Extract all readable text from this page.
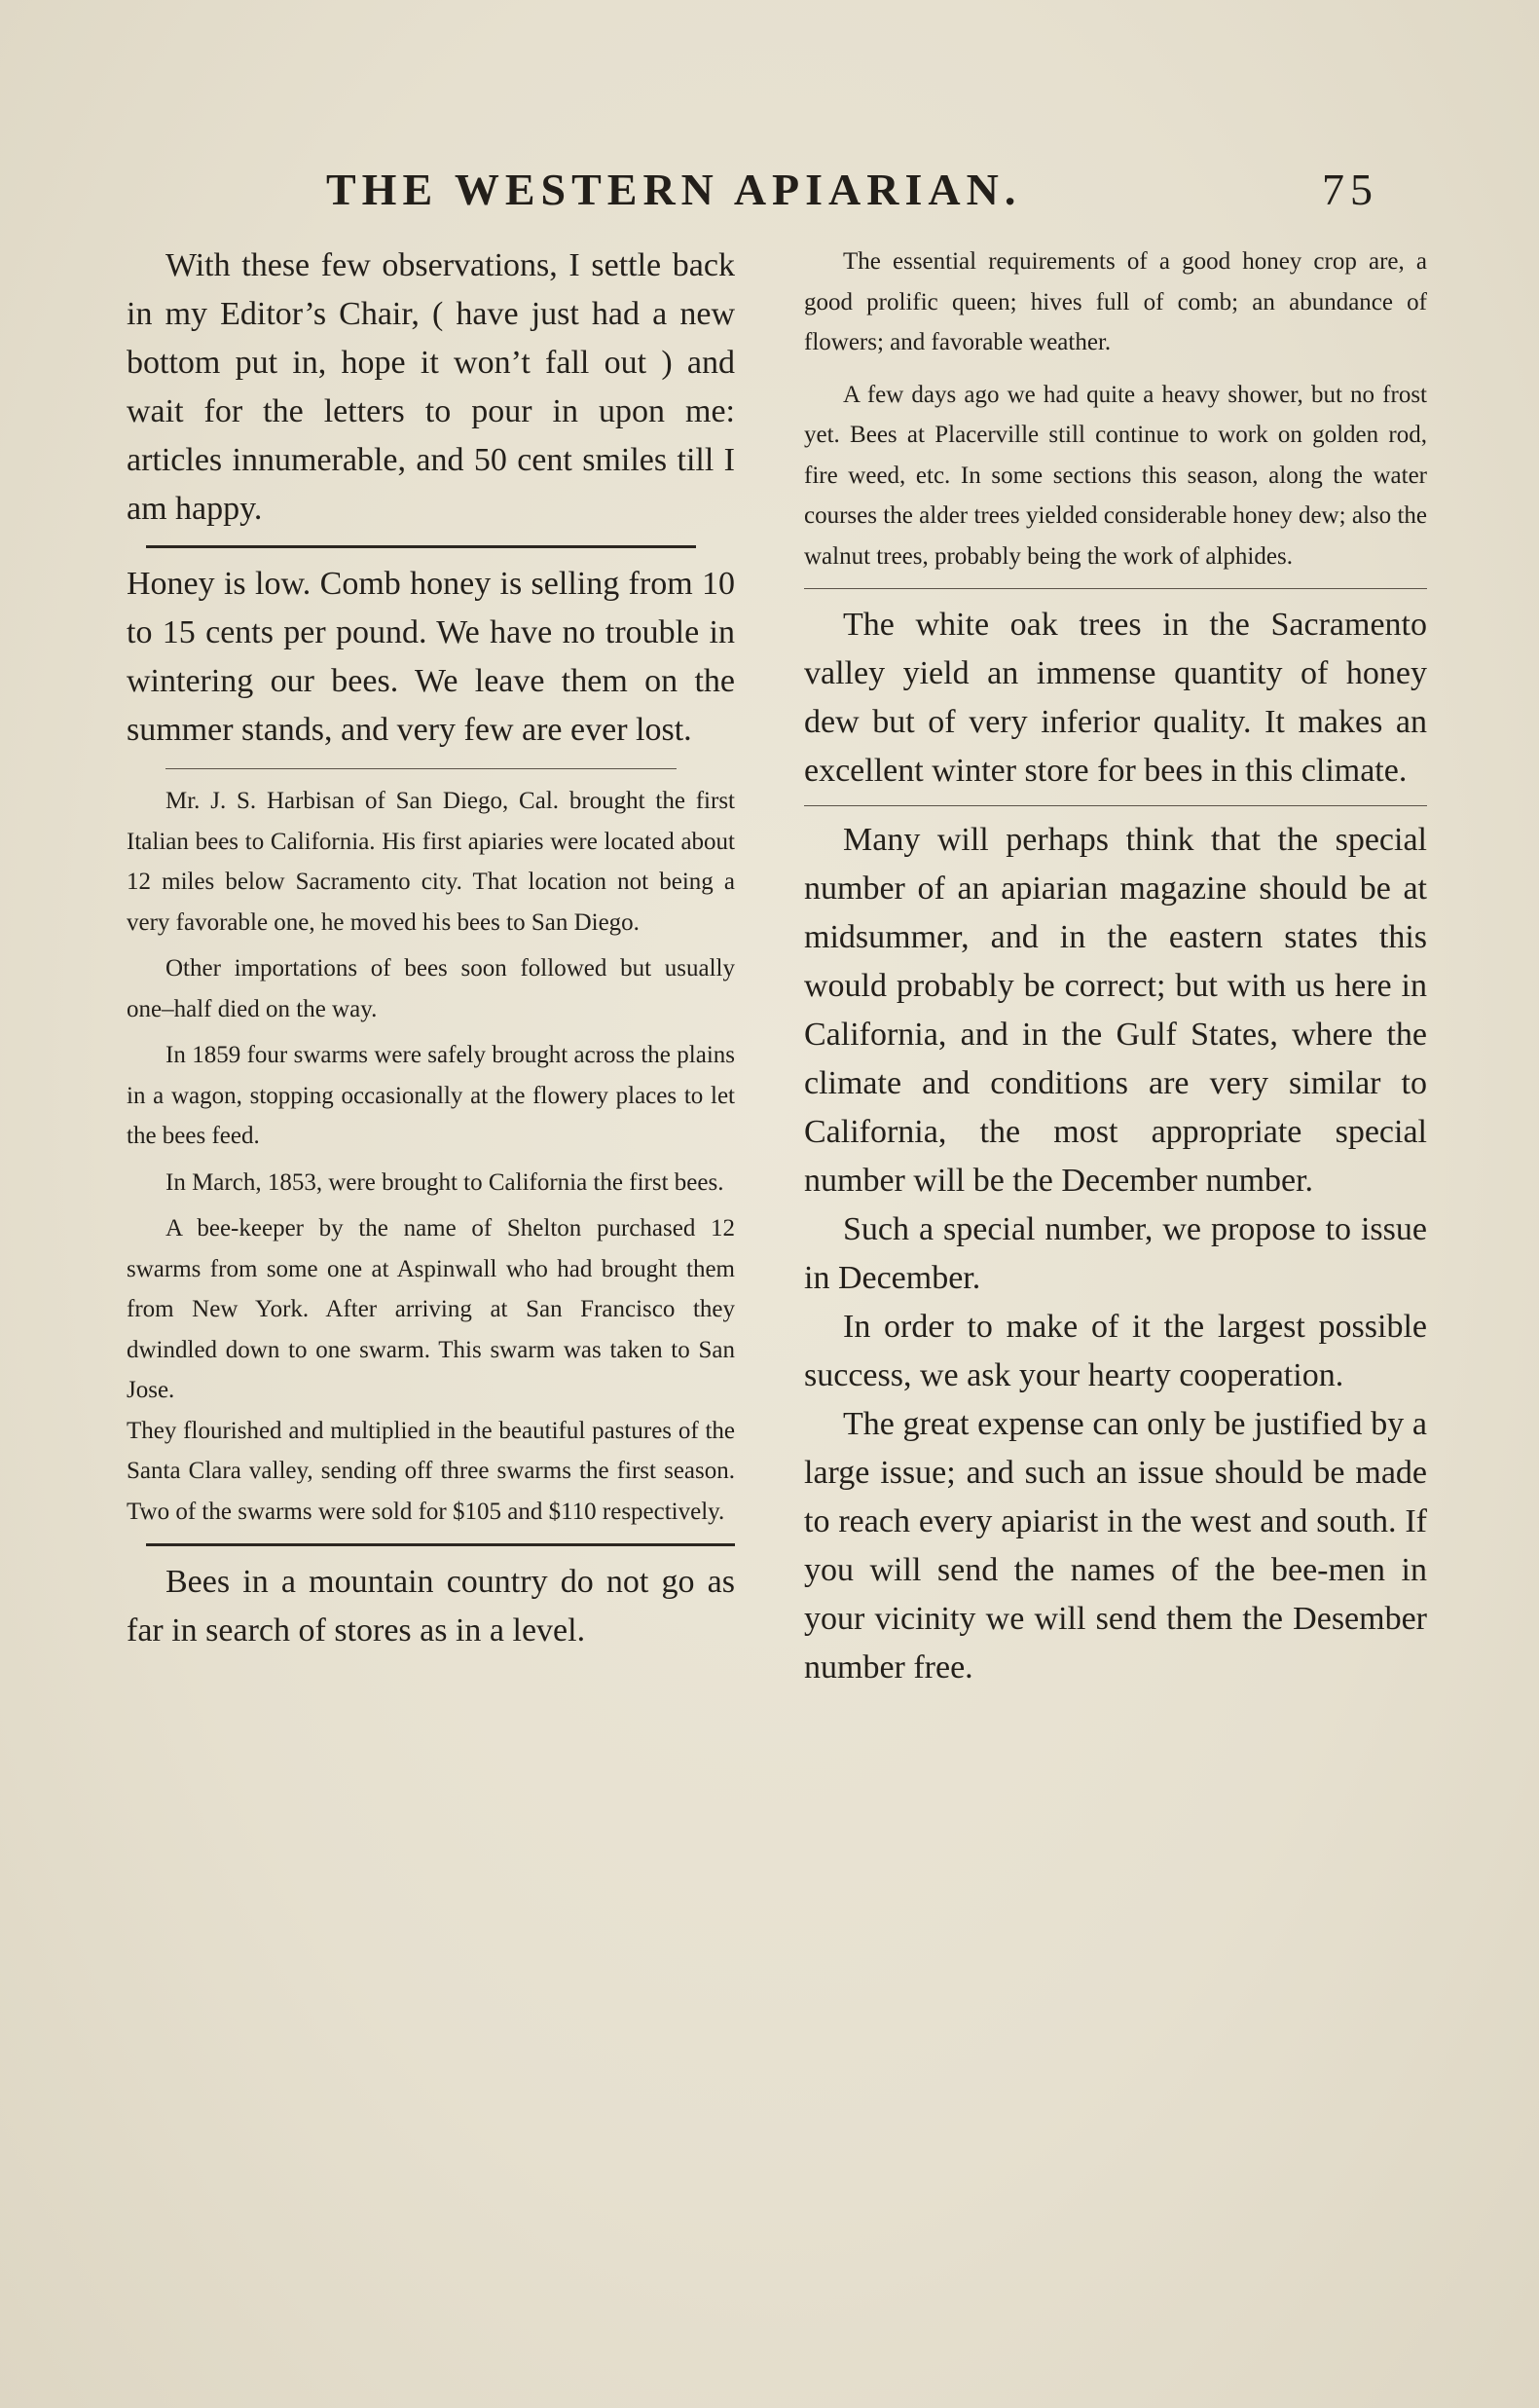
THE WESTERN APIARIAN.	75

With these few observations, I settle back in my Editor’s Chair, ( have just had a new bottom put in, hope it won’t fall out ) and wait for the letters to pour in upon me: articles innumerable, and 50 cent smiles till I am happy.

Honey is low. Comb honey is selling from 10 to 15 cents per pound. We have no trouble in wintering our bees. We leave them on the summer stands, and very few are ever lost.

Mr. J. S. Harbisan of San Diego, Cal. brought the first Italian bees to California. His first apiaries were located about 12 miles below Sacramento city. That location not being a very favorable one, he moved his bees to San Diego.

Other importations of bees soon followed but usually one–half died on the way.

In 1859 four swarms were safely brought across the plains in a wagon, stopping occasionally at the flowery places to let the bees feed.

In March, 1853, were brought to California the first bees.

A bee-keeper by the name of Shelton purchased 12 swarms from some one at Aspinwall who had brought them from New York. After arriving at San Francisco they dwindled down to one swarm. This swarm was taken to San Jose.

They flourished and multiplied in the beautiful pastures of the Santa Clara valley, sending off three swarms the first season. Two of the swarms were sold for $105 and $110 respectively.

Bees in a mountain country do not go as far in search of stores as in a level.

The essential requirements of a good honey crop are, a good prolific queen; hives full of comb; an abundance of flowers; and favorable weather.

A few days ago we had quite a heavy shower, but no frost yet. Bees at Placerville still continue to work on golden rod, fire weed, etc. In some sections this season, along the water courses the alder trees yielded considerable honey dew; also the walnut trees, probably being the work of alphides.

The white oak trees in the Sacramento valley yield an immense quantity of honey dew but of very inferior quality. It makes an excellent winter store for bees in this climate.

Many will perhaps think that the special number of an apiarian magazine should be at midsummer, and in the eastern states this would probably be correct; but with us here in California, and in the Gulf States, where the climate and conditions are very similar to California, the most appropriate special number will be the December number.

Such a special number, we propose to issue in December.

In order to make of it the largest possible success, we ask your hearty cooperation.

The great expense can only be justified by a large issue; and such an issue should be made to reach every apiarist in the west and south. If you will send the names of the bee-men in your vicinity we will send them the Desember number free.
